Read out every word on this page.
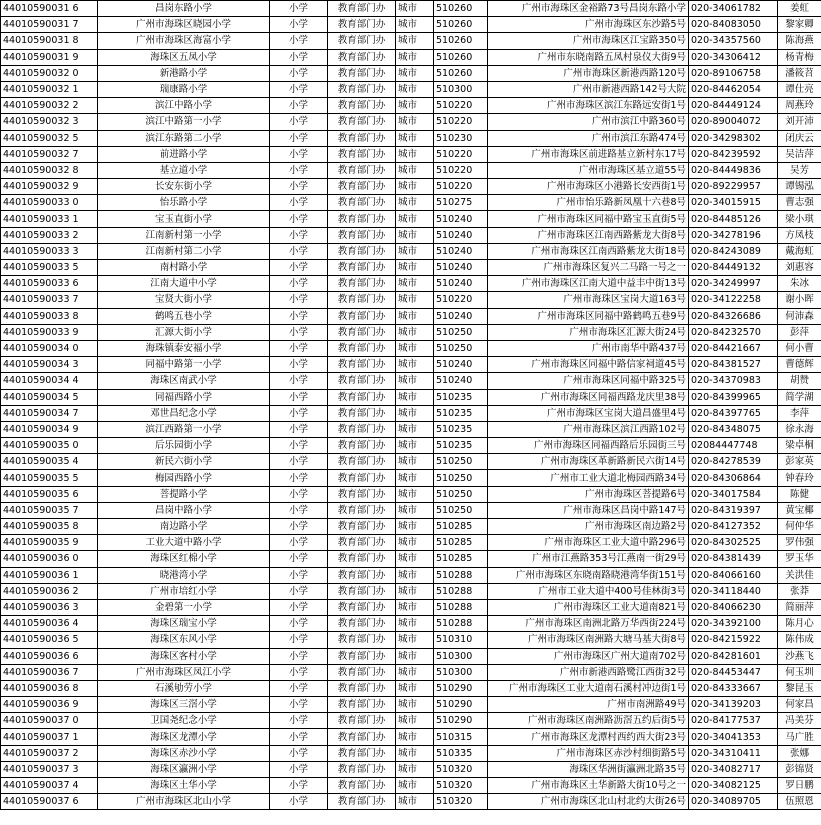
44010590031 6	昌岗东路小学	小学	教育部门办	城市	510260	广州市海珠区金裕路73号昌岗东路小学	020-34061782	姜虹
44010590031 7	广州市海珠区晓园小学	小学	教育部门办	城市	510260	广州市海珠区东沙路5号	020-84083050	黎家卿
44010590031 8	广州市海珠区海富小学	小学	教育部门办	城市	510260	广州市海珠区江宝路350号	020-34357560	陈海燕
44010590031 9	海珠区五凤小学	小学	教育部门办	城市	510260	广州市东晓南路五凤村泉仪大街9号	020-34306412	杨青梅
44010590032 0	新港路小学	小学	教育部门办	城市	510260	广州市海珠区新港西路120号	020-89106758	潘筱苕
44010590032 1	瑞康路小学	小学	教育部门办	城市	510300	广州市新港西路142号大院	020-84462054	谭仕亮
44010590032 2	滨江中路小学	小学	教育部门办	城市	510220	广州市海珠区滨江东路远安街1号	020-84449124	周燕玲
44010590032 3	滨江中路第一小学	小学	教育部门办	城市	510220	广州市滨江中路360号	020-89004072	刘开沛
44010590032 5	滨江东路第二小学	小学	教育部门办	城市	510230	广州市滨江东路474号	020-34298302	闭庆云
44010590032 7	前进路小学	小学	教育部门办	城市	510220	广州市海珠区前进路基立新村东17号	020-84239592	吴洁萍
44010590032 8	基立道小学	小学	教育部门办	城市	510220	广州市海珠区基立道55号	020-84449836	吴芳
44010590032 9	长安东街小学	小学	教育部门办	城市	510220	广州市海珠区小港路长安西街1号	020-89229957	谭锡泓
44010590033 0	怡乐路小学	小学	教育部门办	城市	510275	广州市怡乐路新凤凰十六巷8号	020-34015915	曹志强
44010590033 1	宝玉直街小学	小学	教育部门办	城市	510240	广州市海珠区同福中路宝玉直街5号	020-84485126	梁小琪
44010590033 2	江南新村第一小学	小学	教育部门办	城市	510240	广州市海珠区江南西路紫龙大街8号	020-34278196	方凤枝
44010590033 3	江南新村第二小学	小学	教育部门办	城市	510240	广州市海珠区江南西路紫龙大街18号	020-84243089	戴海虹
44010590033 5	南村路小学	小学	教育部门办	城市	510240	广州市海珠区复兴二马路一号之一	020-84449132	刘惠容
44010590033 6	江南大道中小学	小学	教育部门办	城市	510240	广州市海珠区江南大道中益丰中街13号	020-34249997	朱冰
44010590033 7	宝贤大街小学	小学	教育部门办	城市	510220	广州市海珠区宝岗大道163号	020-34122258	谢小晖
44010590033 8	鹤鸣五巷小学	小学	教育部门办	城市	510240	广州市海珠区同福中路鹤鸣五巷9号	020-84326686	何沛森
44010590033 9	汇源大街小学	小学	教育部门办	城市	510250	广州市海珠区汇源大街24号	020-84232570	彭萍
44010590034 0	海珠镇泰安福小学	小学	教育部门办	城市	510250	广州市南华中路437号	020-84421667	何小曹
44010590034 3	同福中路第一小学	小学	教育部门办	城市	510240	广州市海珠区同福中路信家祠道45号	020-84381527	曹德辉
44010590034 4	海珠区南武小学	小学	教育部门办	城市	510240	广州市海珠区同福中路325号	020-34370983	胡赞
44010590034 5	同福西路小学	小学	教育部门办	城市	510235	广州市海珠区同福西路龙庆里38号	020-84399965	简学湖
44010590034 7	邓世昌纪念小学	小学	教育部门办	城市	510235	广州市海珠区宝岗大道昌盛里4号	020-84397765	李萍
44010590034 9	滨江西路第一小学	小学	教育部门办	城市	510235	广州市海珠区滨江西路102号	020-84348075	徐永海
44010590035 0	后乐园街小学	小学	教育部门办	城市	510235	广州市海珠区同福西路后乐园街三号	02084447748	梁卓桐
44010590035 4	新民六街小学	小学	教育部门办	城市	510250	广州市海珠区革新路新民六街14号	020-84278539	彭家英
44010590035 5	梅园西路小学	小学	教育部门办	城市	510250	广州市工业大道北梅园西路34号	020-84306864	钟春玲
44010590035 6	菩提路小学	小学	教育部门办	城市	510250	广州市海珠区菩提路6号	020-34017584	陈健
44010590035 7	昌岗中路小学	小学	教育部门办	城市	510250	广州市海珠区昌岗中路147号	020-84319397	黄宝椰
44010590035 8	南边路小学	小学	教育部门办	城市	510285	广州市海珠区南边路2号	020-84127352	何仲华
44010590035 9	工业大道中路小学	小学	教育部门办	城市	510285	广州市海珠区工业大道中路296号	020-84302525	罗伟强
44010590036 0	海珠区红棉小学	小学	教育部门办	城市	510285	广州市江燕路353号江燕南一街29号	020-84381439	罗玉华
44010590036 1	晓港湾小学	小学	教育部门办	城市	510288	广州市海珠区东晓南路晓港湾华街151号	020-84066160	关洪佳
44010590036 2	广州市培红小学	小学	教育部门办	城市	510288	广州市工业大道中400号佳林街3号	020-34118440	张莽
44010590036 3	金碧第一小学	小学	教育部门办	城市	510288	广州市海珠区工业大道南821号	020-84066230	简丽萍
44010590036 4	海珠区瑞宝小学	小学	教育部门办	城市	510288	广州市海珠区南洲北路万华西街224号	020-34392100	陈月心
44010590036 5	海珠区东风小学	小学	教育部门办	城市	510310	广州市海珠区南洲路大塘马基大街8号	020-84215922	陈伟成
44010590036 6	海珠区客村小学	小学	教育部门办	城市	510300	广州市海珠区广州大道南702号	020-84281601	沙燕飞
44010590036 7	广州市海珠区凤江小学	小学	教育部门办	城市	510300	广州市新港西路鹭江西街32号	020-84453447	何玉圳
44010590036 8	石溪劬劳小学	小学	教育部门办	城市	510290	广州市海珠区工业大道南石溪村冲边街1号	020-84333667	黎昆玉
44010590036 9	海珠区三滘小学	小学	教育部门办	城市	510290	广州市南洲路49号	020-34139203	何家昌
44010590037 0	卫国尧纪念小学	小学	教育部门办	城市	510290	广州市海珠区南洲路沥滘五约后街5号	020-84177537	冯美芬
44010590037 1	海珠区龙潭小学	小学	教育部门办	城市	510315	广州市海珠区龙潭村西约西大街23号	020-34041353	马广胜
44010590037 2	海珠区赤沙小学	小学	教育部门办	城市	510335	广州市海珠区赤沙村细街路5号	020-34310411	张娜
44010590037 3	海珠区瀛洲小学	小学	教育部门办	城市	510320	海珠区华洲街瀛洲北路35号	020-34082717	彭锦贤
44010590037 4	海珠区土华小学	小学	教育部门办	城市	510320	广州市海珠区土华新路大街10号之一	020-34082125	罗日鹏
44010590037 6	广州市海珠区北山小学	小学	教育部门办	城市	510320	广州市海珠区北山村北约大街26号	020-34089705	伍照恩
